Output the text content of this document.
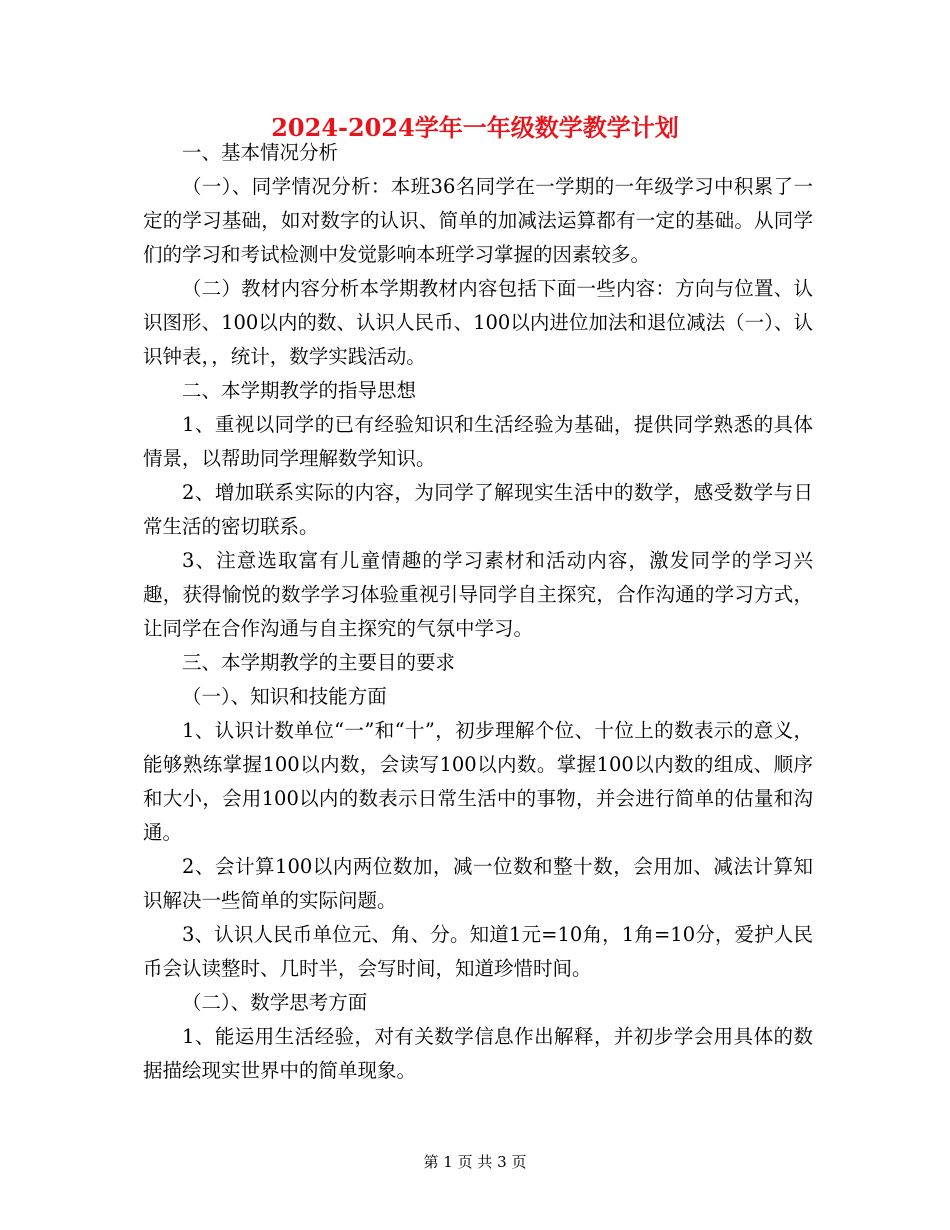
2024-2024学年一年级数学教学计划

一、基本情况分析

（一）、同学情况分析：本班36名同学在一学期的一年级学习中积累了一定的学习基础，如对数字的认识、简单的加减法运算都有一定的基础。从同学们的学习和考试检测中发觉影响本班学习掌握的因素较多。

（二）教材内容分析本学期教材内容包括下面一些内容：方向与位置、认识图形、100以内的数、认识人民币、100以内进位加法和退位减法（一）、认识钟表，，统计，数学实践活动。

二、本学期教学的指导思想

1、重视以同学的已有经验知识和生活经验为基础，提供同学熟悉的具体情景，以帮助同学理解数学知识。

2、增加联系实际的内容，为同学了解现实生活中的数学，感受数学与日常生活的密切联系。

3、注意选取富有儿童情趣的学习素材和活动内容，激发同学的学习兴趣，获得愉悦的数学学习体验重视引导同学自主探究，合作沟通的学习方式，让同学在合作沟通与自主探究的气氛中学习。

三、本学期教学的主要目的要求

（一）、知识和技能方面

1、认识计数单位“一”和“十”，初步理解个位、十位上的数表示的意义，能够熟练掌握100以内数，会读写100以内数。掌握100以内数的组成、顺序和大小，会用100以内的数表示日常生活中的事物，并会进行简单的估量和沟通。

2、会计算100以内两位数加，减一位数和整十数，会用加、减法计算知识解决一些简单的实际问题。

3、认识人民币单位元、角、分。知道1元=10角，1角=10分，爱护人民币会认读整时、几时半，会写时间，知道珍惜时间。

（二）、数学思考方面

1、能运用生活经验，对有关数学信息作出解释，并初步学会用具体的数据描绘现实世界中的简单现象。

第 1 页 共 3 页
